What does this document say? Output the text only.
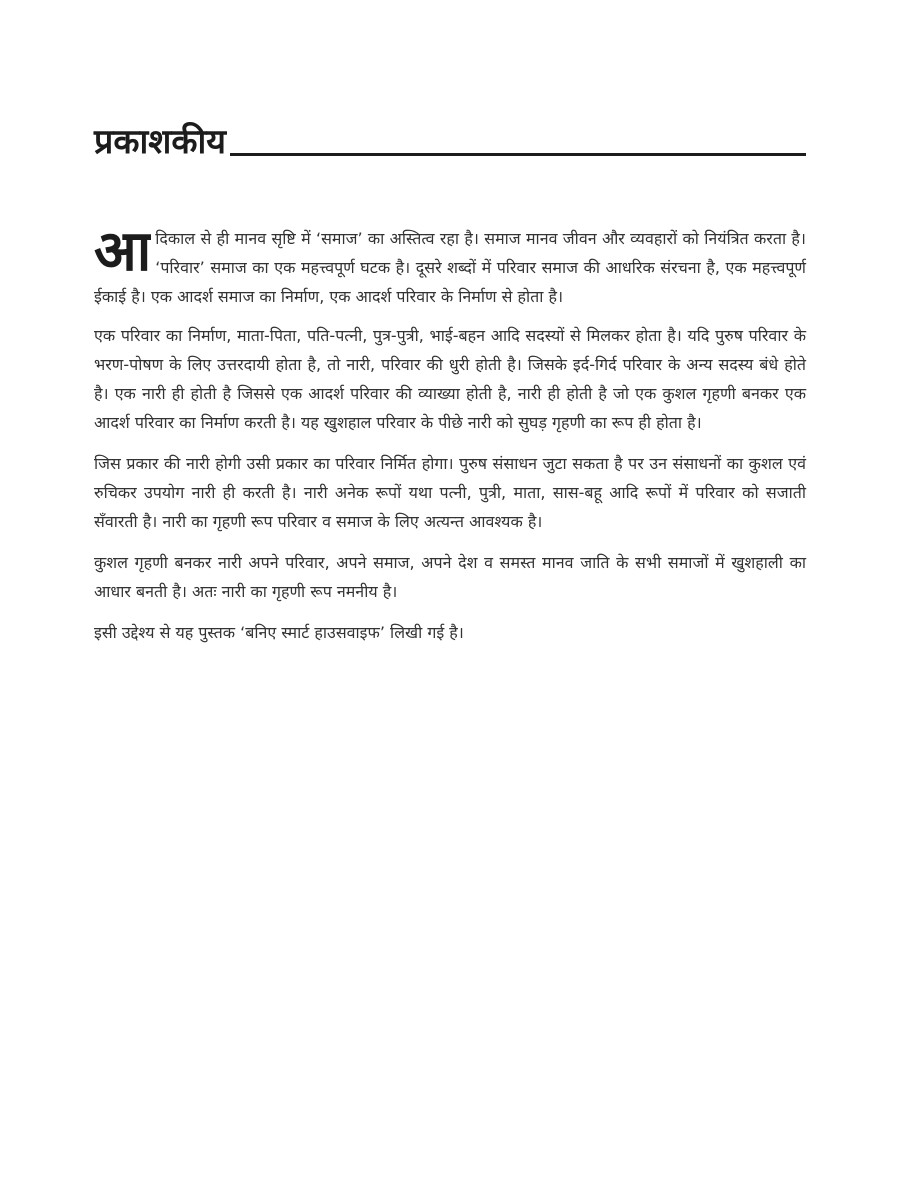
प्रकाशकीय

आदिकाल से ही मानव सृष्टि में ‘समाज’ का अस्तित्व रहा है। समाज मानव जीवन और व्यवहारों को नियंत्रित करता है। ‘परिवार’ समाज का एक महत्त्वपूर्ण घटक है। दूसरे शब्दों में परिवार समाज की आधरिक संरचना है, एक महत्त्वपूर्ण ईकाई है। एक आदर्श समाज का निर्माण, एक आदर्श परिवार के निर्माण से होता है।

एक परिवार का निर्माण, माता-पिता, पति-पत्नी, पुत्र-पुत्री, भाई-बहन आदि सदस्यों से मिलकर होता है। यदि पुरुष परिवार के भरण-पोषण के लिए उत्तरदायी होता है, तो नारी, परिवार की धुरी होती है। जिसके इर्द-गिर्द परिवार के अन्य सदस्य बंधे होते है। एक नारी ही होती है जिससे एक आदर्श परिवार की व्याख्या होती है, नारी ही होती है जो एक कुशल गृहणी बनकर एक आदर्श परिवार का निर्माण करती है। यह खुशहाल परिवार के पीछे नारी को सुघड़ गृहणी का रूप ही होता है।

जिस प्रकार की नारी होगी उसी प्रकार का परिवार निर्मित होगा। पुरुष संसाधन जुटा सकता है पर उन संसाधनों का कुशल एवं रुचिकर उपयोग नारी ही करती है। नारी अनेक रूपों यथा पत्नी, पुत्री, माता, सास-बहू आदि रूपों में परिवार को सजाती सँवारती है। नारी का गृहणी रूप परिवार व समाज के लिए अत्यन्त आवश्यक है।

कुशल गृहणी बनकर नारी अपने परिवार, अपने समाज, अपने देश व समस्त मानव जाति के सभी समाजों में खुशहाली का आधार बनती है। अतः नारी का गृहणी रूप नमनीय है।

इसी उद्देश्य से यह पुस्तक ‘बनिए स्मार्ट हाउसवाइफ’ लिखी गई है।
